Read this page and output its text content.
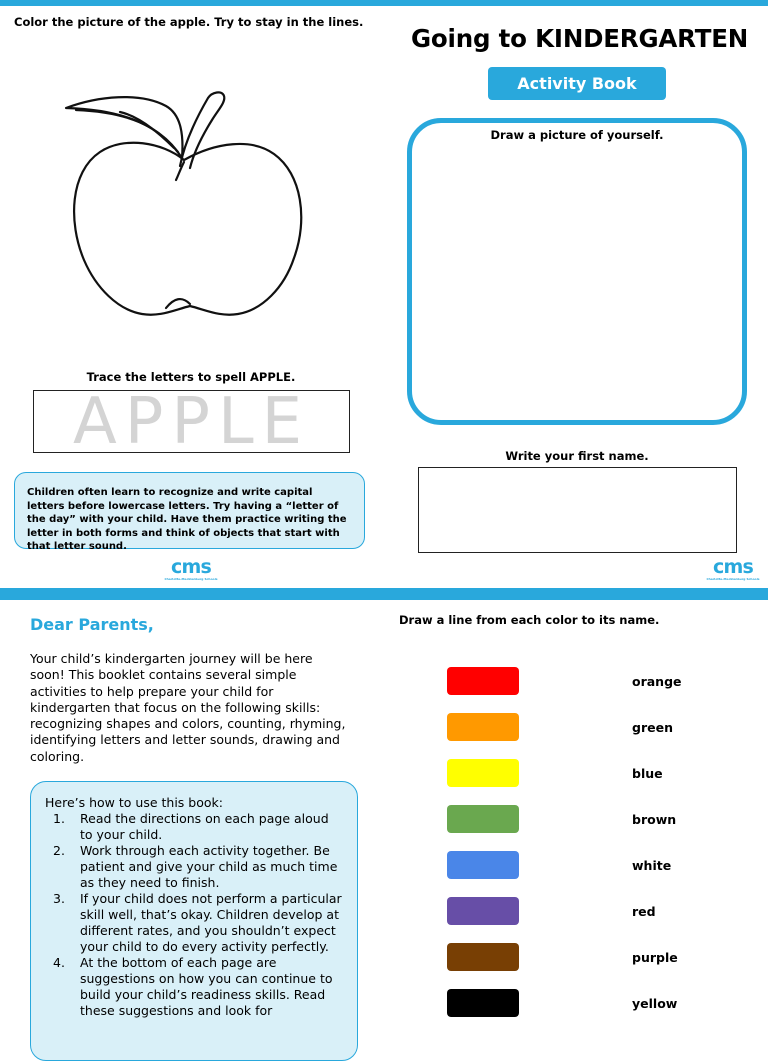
Color the picture of the apple. Try to stay in the lines.
Going to KINDERGARTEN
Activity Book
Trace the letters to spell APPLE.
APPLE
Children often learn to recognize and write capital letters before lowercase letters. Try having a “letter of the day” with your child. Have them practice writing the letter in both forms and think of objects that start with that letter sound.
cms
Charlotte-Mecklenburg Schools
Draw a picture of yourself.
Write your first name.
cms
Charlotte-Mecklenburg Schools
Dear Parents,
Your child’s kindergarten journey will be here soon! This booklet contains several simple activities to help prepare your child for kindergarten that focus on the following skills: recognizing shapes and colors, counting, rhyming, identifying letters and letter sounds, drawing and coloring.
Here’s how to use this book:
1. Read the directions on each page aloud to your child.
2. Work through each activity together. Be patient and give your child as much time as they need to finish.
3. If your child does not perform a particular skill well, that’s okay. Children develop at different rates, and you shouldn’t expect your child to do every activity perfectly.
4. At the bottom of each page are suggestions on how you can continue to build your child’s readiness skills. Read these suggestions and look for
Draw a line from each color to its name.
orange
green
blue
brown
white
red
purple
yellow
